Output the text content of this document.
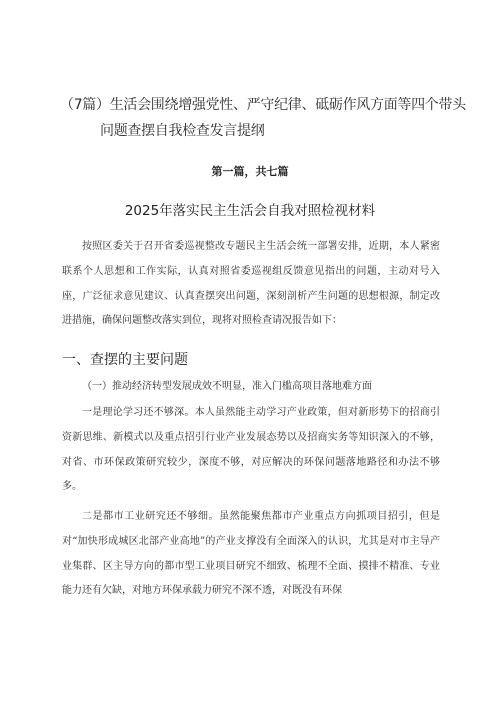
（7篇）生活会围绕增强党性、严守纪律、砥砺作风方面等四个带头
问题查摆自我检查发言提纲
第一篇，共七篇
2025年落实民主生活会自我对照检视材料
按照区委关于召开省委巡视整改专题民主生活会统一部署安排，近期，本人紧密联系个人思想和工作实际，认真对照省委巡视组反馈意见指出的问题，主动对号入座，广泛征求意见建议、认真查摆突出问题，深刻剖析产生问题的思想根源，制定改进措施，确保问题整改落实到位，现将对照检查请况报告如下：
一、查摆的主要问题
（一）推动经济转型发展成效不明显，准入门槛高项目落地难方面
一是理论学习还不够深。本人虽然能主动学习产业政策，但对新形势下的招商引资新思维、新模式以及重点招引行业产业发展态势以及招商实务等知识深入的不够，对省、市环保政策研究较少，深度不够，对应解决的环保问题落地路径和办法不够多。
二是都市工业研究还不够细。虽然能聚焦都市产业重点方向抓项目招引，但是对“加快形成城区北部产业高地”的产业支撑没有全面深入的认识，尤其是对市主导产业集群、区主导方向的都市型工业项目研究不细致、梳理不全面、摸排不精准、专业能力还有欠缺，对地方环保承载力研究不深不透，对既没有环保
